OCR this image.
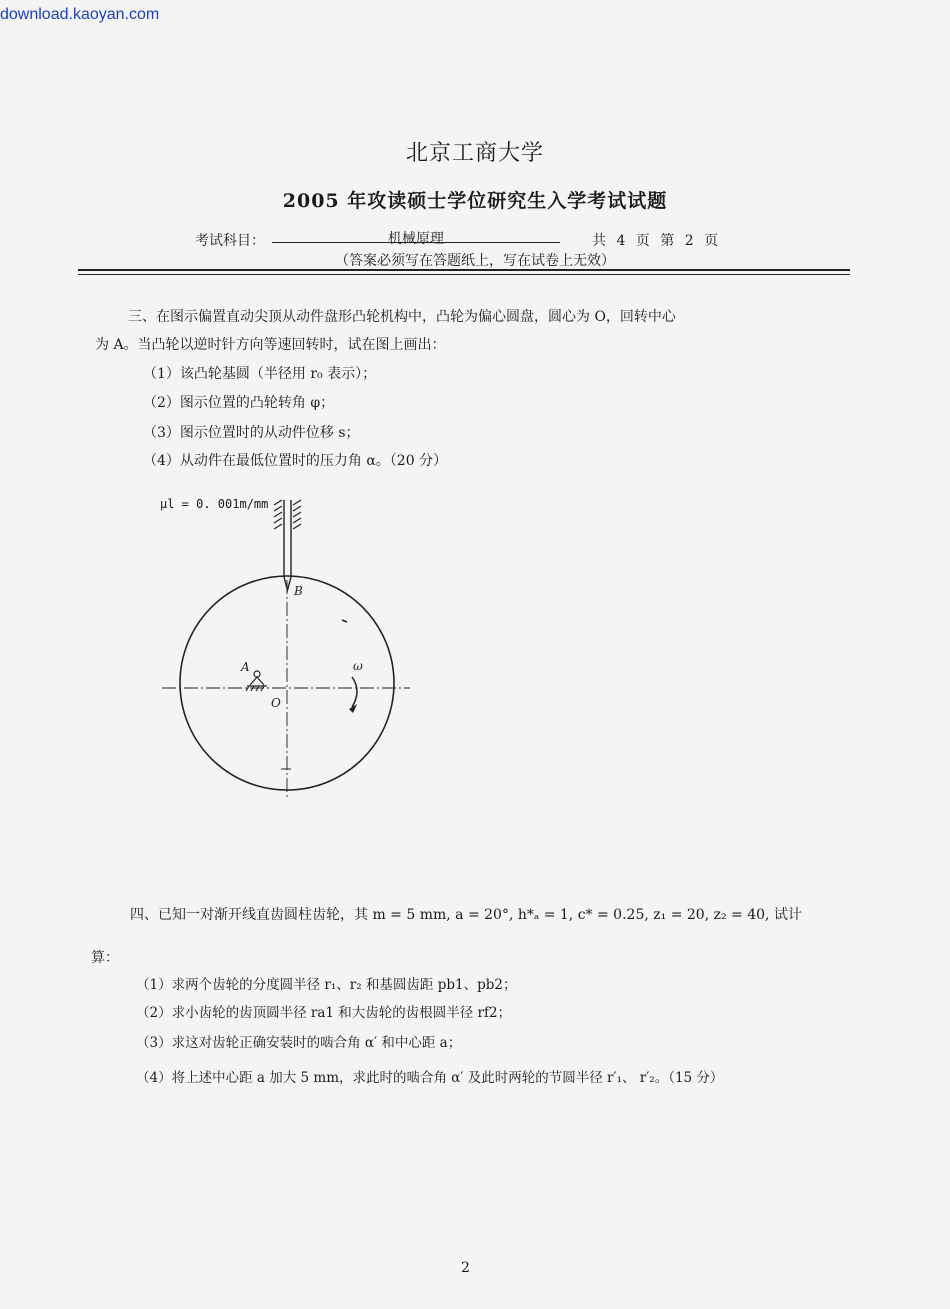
download.kaoyan.com
北京工商大学
2005 年攻读硕士学位研究生入学考试试题
考试科目：	机械原理	共 4 页 第 2 页
（答案必须写在答题纸上，写在试卷上无效）
三、在图示偏置直动尖顶从动件盘形凸轮机构中，凸轮为偏心圆盘，圆心为 O，回转中心
为 A。当凸轮以逆时针方向等速回转时，试在图上画出：
（1）该凸轮基圆（半径用 r₀ 表示）；
（2）图示位置的凸轮转角 φ；
（3）图示位置时的从动件位移 s；
（4）从动件在最低位置时的压力角 α。（20 分）
μl = 0. 001m/mm
B
A
O
ω
四、已知一对渐开线直齿圆柱齿轮，其 m = 5 mm, a = 20°, h*ₐ = 1, c* = 0.25, z₁ = 20, z₂ = 40, 试计
算：
（1）求两个齿轮的分度圆半径 r₁、r₂ 和基圆齿距 pb1、pb2；
（2）求小齿轮的齿顶圆半径 ra1 和大齿轮的齿根圆半径 rf2；
（3）求这对齿轮正确安装时的啮合角 α′ 和中心距 a；
（4）将上述中心距 a 加大 5 mm，求此时的啮合角 α′ 及此时两轮的节圆半径 r′₁、 r′₂。（15 分）
2
